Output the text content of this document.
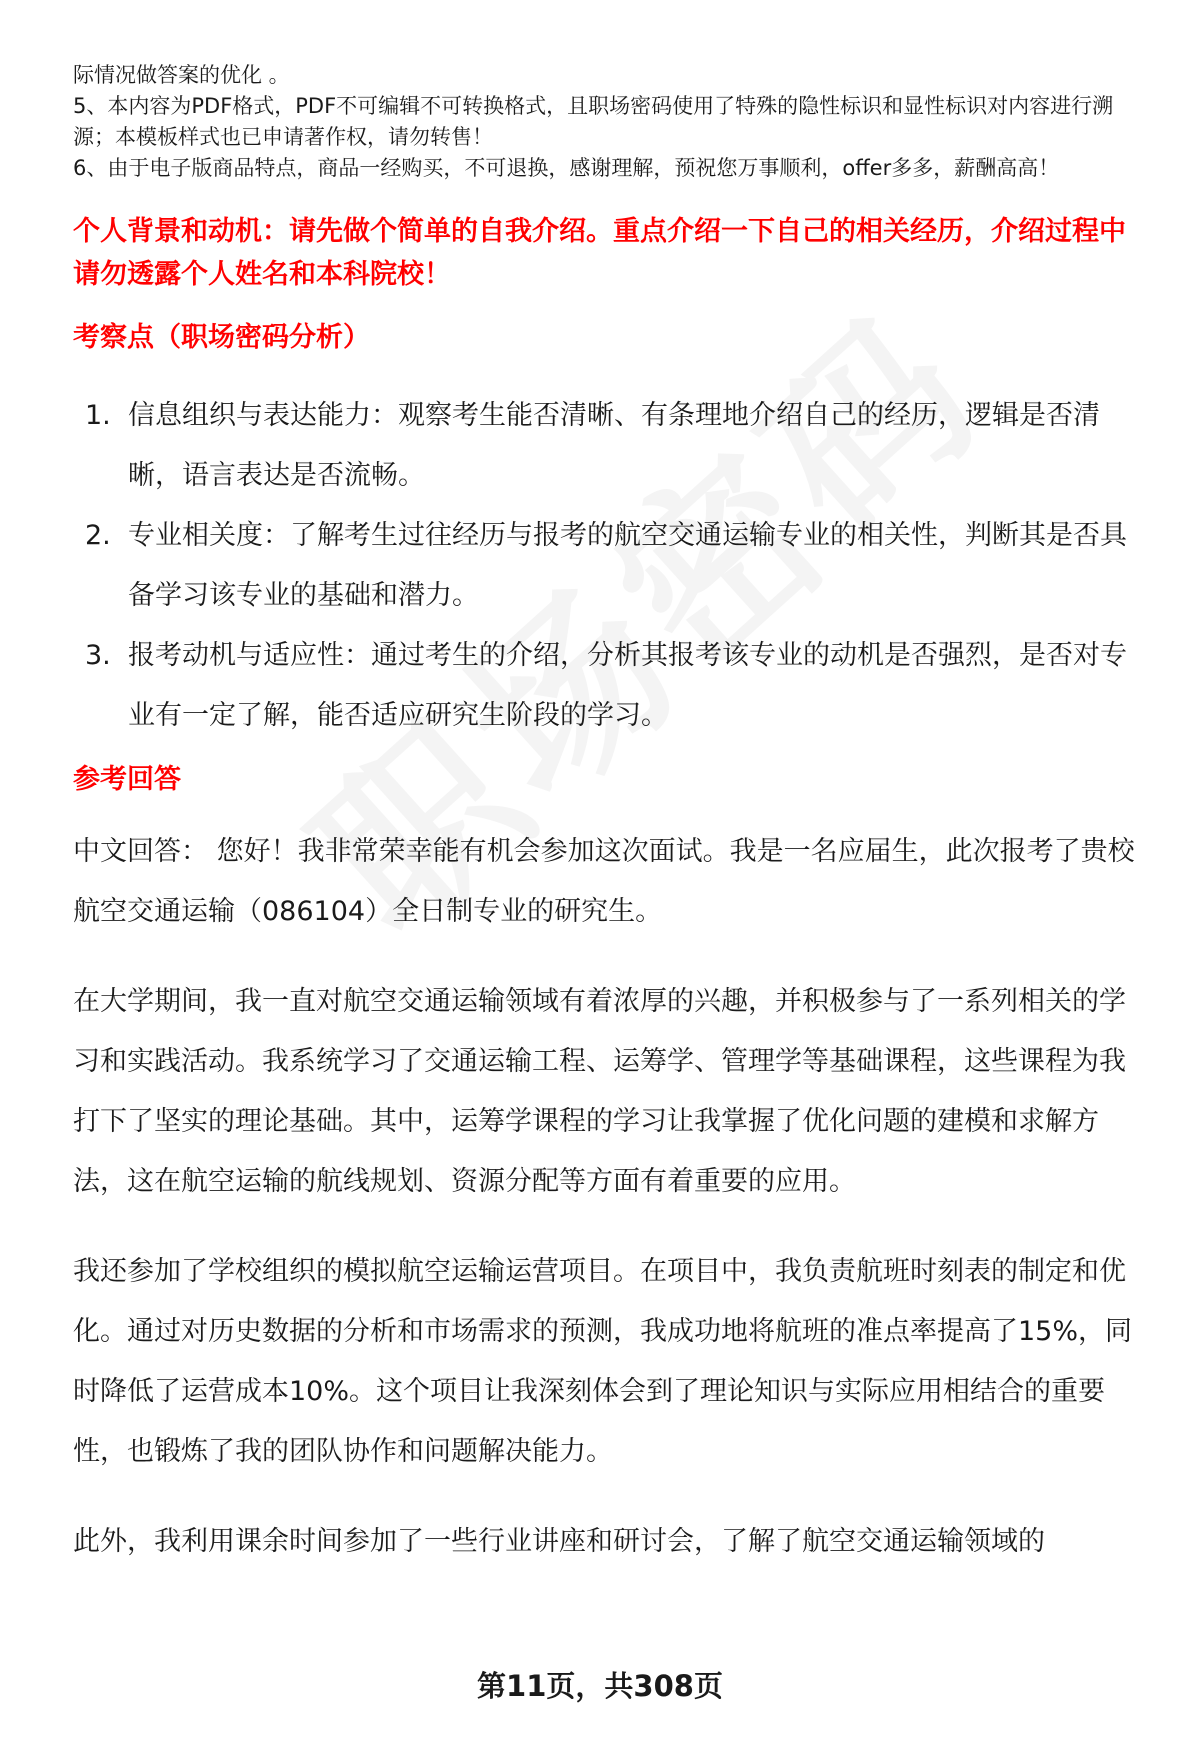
际情况做答案的优化 。

5、本内容为PDF格式，PDF不可编辑不可转换格式，且职场密码使用了特殊的隐性标识和显性标识对内容进行溯源；本模板样式也已申请著作权，请勿转售！

6、由于电子版商品特点，商品一经购买，不可退换，感谢理解，预祝您万事顺利，offer多多，薪酬高高！

个人背景和动机：请先做个简单的自我介绍。重点介绍一下自己的相关经历，介绍过程中请勿透露个人姓名和本科院校！
考察点（职场密码分析）
1. 信息组织与表达能力：观察考生能否清晰、有条理地介绍自己的经历，逻辑是否清晰，语言表达是否流畅。
2. 专业相关度：了解考生过往经历与报考的航空交通运输专业的相关性，判断其是否具备学习该专业的基础和潜力。
3. 报考动机与适应性：通过考生的介绍，分析其报考该专业的动机是否强烈，是否对专业有一定了解，能否适应研究生阶段的学习。
参考回答

中文回答： 您好！我非常荣幸能有机会参加这次面试。我是一名应届生，此次报考了贵校航空交通运输（086104）全日制专业的研究生。

在大学期间，我一直对航空交通运输领域有着浓厚的兴趣，并积极参与了一系列相关的学习和实践活动。我系统学习了交通运输工程、运筹学、管理学等基础课程，这些课程为我打下了坚实的理论基础。其中，运筹学课程的学习让我掌握了优化问题的建模和求解方法，这在航空运输的航线规划、资源分配等方面有着重要的应用。

我还参加了学校组织的模拟航空运输运营项目。在项目中，我负责航班时刻表的制定和优化。通过对历史数据的分析和市场需求的预测，我成功地将航班的准点率提高了15%，同时降低了运营成本10%。这个项目让我深刻体会到了理论知识与实际应用相结合的重要性，也锻炼了我的团队协作和问题解决能力。

此外，我利用课余时间参加了一些行业讲座和研讨会，了解了航空交通运输领域的

第11页，共308页
